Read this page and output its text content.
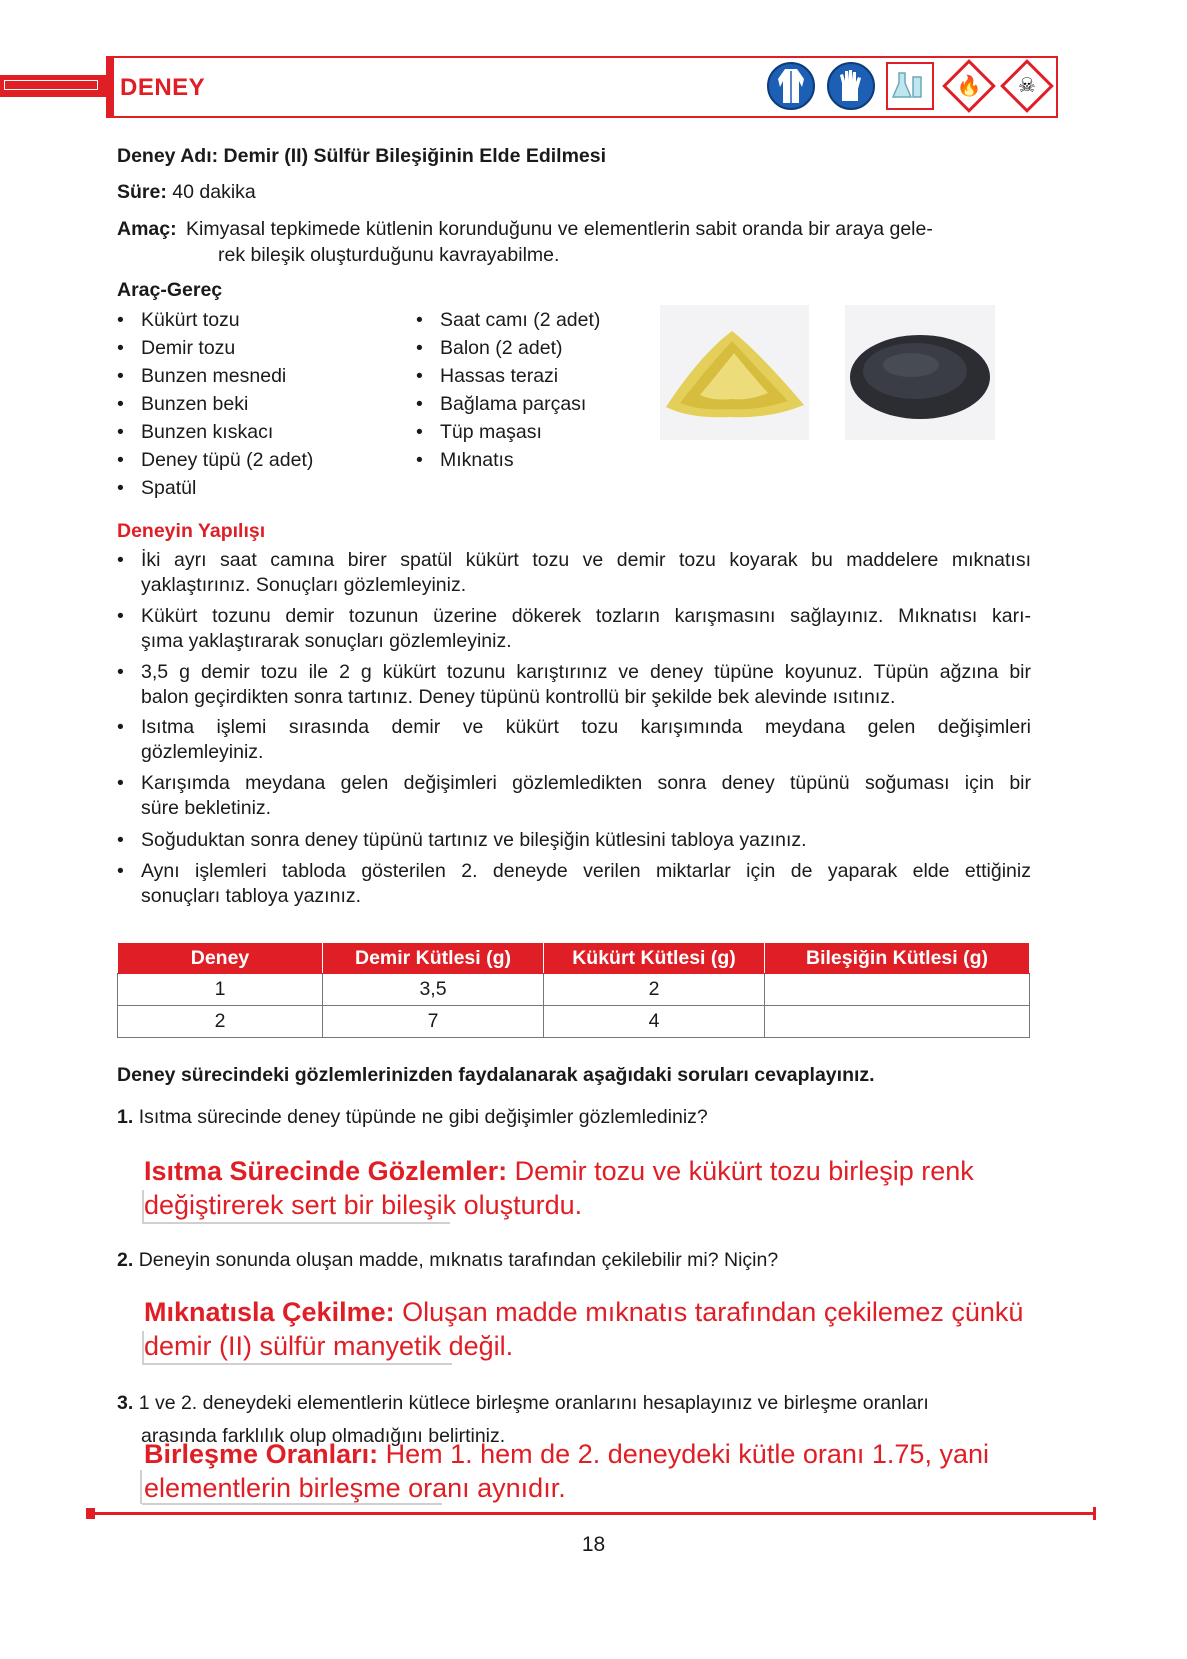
DENEY	🔥 ☠
Deney Adı: Demir (II) Sülfür Bileşiğinin Elde Edilmesi
Süre: 40 dakika
Amaç: Kimyasal tepkimede kütlenin korunduğunu ve elementlerin sabit oranda bir araya gele-
rek bileşik oluşturduğunu kavrayabilme.
Araç-Gereç
• Kükürt tozu
• Demir tozu
• Bunzen mesnedi
• Bunzen beki
• Bunzen kıskacı
• Deney tüpü (2 adet)
• Spatül
• Saat camı (2 adet)
• Balon (2 adet)
• Hassas terazi
• Bağlama parçası
• Tüp maşası
• Mıknatıs
Deneyin Yapılışı
• İki ayrı saat camına birer spatül kükürt tozu ve demir tozu koyarak bu maddelere mıknatısı
yaklaştırınız. Sonuçları gözlemleyiniz.
• Kükürt tozunu demir tozunun üzerine dökerek tozların karışmasını sağlayınız. Mıknatısı karı-
şıma yaklaştırarak sonuçları gözlemleyiniz.
• 3,5 g demir tozu ile 2 g kükürt tozunu karıştırınız ve deney tüpüne koyunuz. Tüpün ağzına bir
balon geçirdikten sonra tartınız. Deney tüpünü kontrollü bir şekilde bek alevinde ısıtınız.
• Isıtma işlemi sırasında demir ve kükürt tozu karışımında meydana gelen değişimleri
gözlemleyiniz.
• Karışımda meydana gelen değişimleri gözlemledikten sonra deney tüpünü soğuması için bir
süre bekletiniz.
• Soğuduktan sonra deney tüpünü tartınız ve bileşiğin kütlesini tabloya yazınız.
• Aynı işlemleri tabloda gösterilen 2. deneyde verilen miktarlar için de yaparak elde ettiğiniz
sonuçları tabloya yazınız.
Deney	Demir Kütlesi (g)	Kükürt Kütlesi (g)	Bileşiğin Kütlesi (g)
1	3,5	2	
2	7	4	
Deney sürecindeki gözlemlerinizden faydalanarak aşağıdaki soruları cevaplayınız.
1. Isıtma sürecinde deney tüpünde ne gibi değişimler gözlemlediniz?
Isıtma Sürecinde Gözlemler: Demir tozu ve kükürt tozu birleşip renk
değiştirerek sert bir bileşik oluşturdu.
2. Deneyin sonunda oluşan madde, mıknatıs tarafından çekilebilir mi? Niçin?
Mıknatısla Çekilme: Oluşan madde mıknatıs tarafından çekilemez çünkü
demir (II) sülfür manyetik değil.
3. 1 ve 2. deneydeki elementlerin kütlece birleşme oranlarını hesaplayınız ve birleşme oranları
arasında farklılık olup olmadığını belirtiniz.
Birleşme Oranları: Hem 1. hem de 2. deneydeki kütle oranı 1.75, yani
elementlerin birleşme oranı aynıdır.
18
